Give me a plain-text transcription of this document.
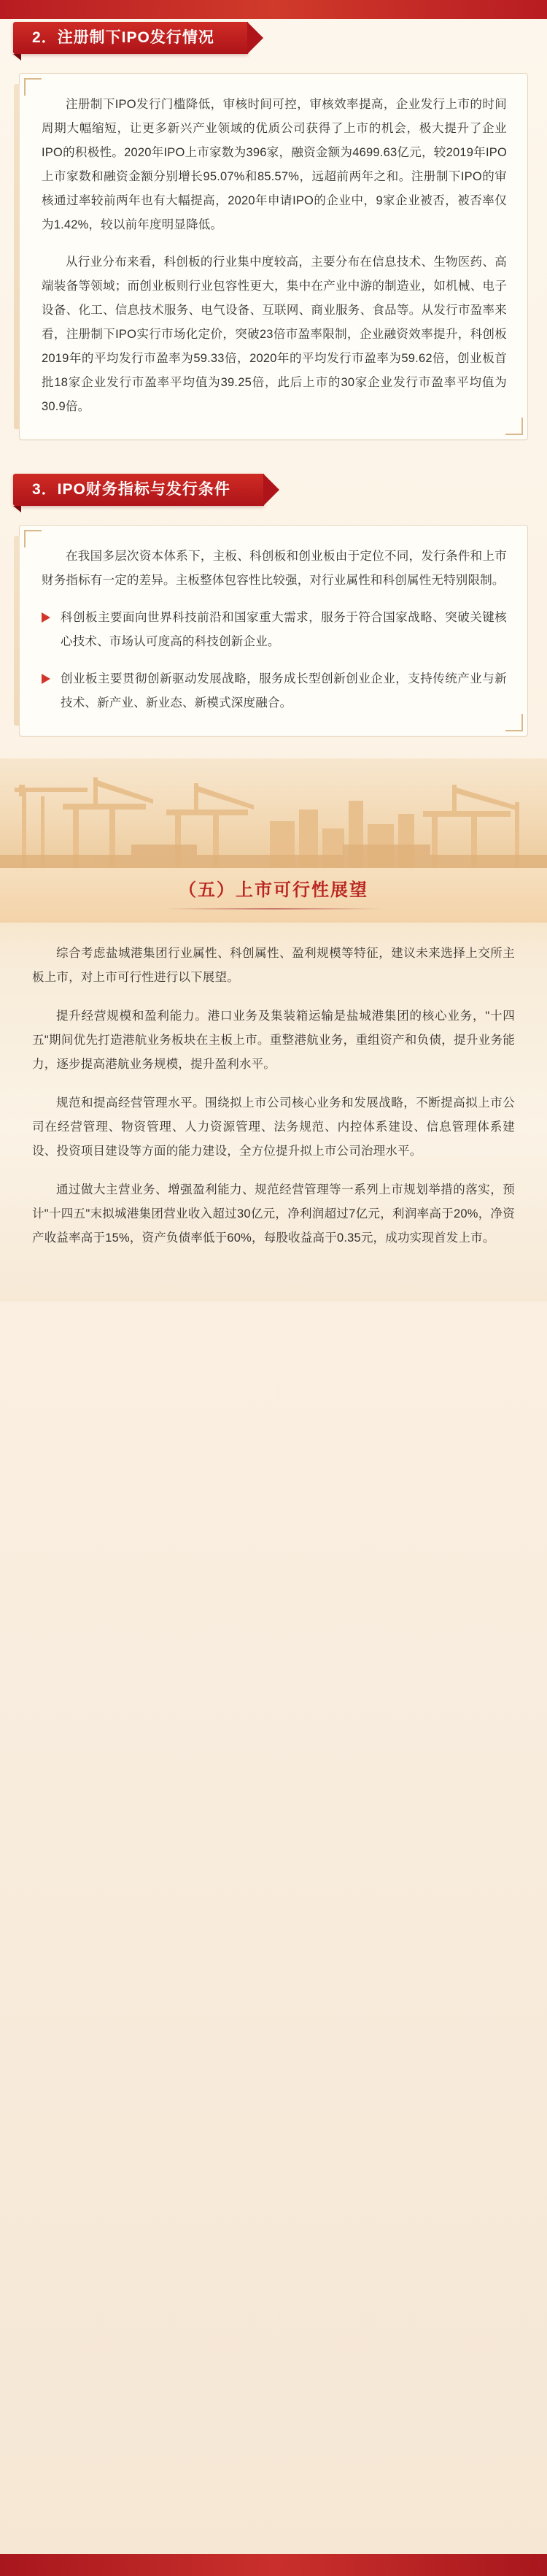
2．注册制下IPO发行情况

注册制下IPO发行门槛降低，审核时间可控，审核效率提高，企业发行上市的时间周期大幅缩短，让更多新兴产业领域的优质公司获得了上市的机会，极大提升了企业IPO的积极性。2020年IPO上市家数为396家，融资金额为4699.63亿元，较2019年IPO上市家数和融资金额分别增长95.07%和85.57%，远超前两年之和。注册制下IPO的审核通过率较前两年也有大幅提高，2020年申请IPO的企业中，9家企业被否，被否率仅为1.42%，较以前年度明显降低。

从行业分布来看，科创板的行业集中度较高，主要分布在信息技术、生物医药、高端装备等领域；而创业板则行业包容性更大，集中在产业中游的制造业，如机械、电子设备、化工、信息技术服务、电气设备、互联网、商业服务、食品等。从发行市盈率来看，注册制下IPO实行市场化定价，突破23倍市盈率限制，企业融资效率提升，科创板2019年的平均发行市盈率为59.33倍，2020年的平均发行市盈率为59.62倍，创业板首批18家企业发行市盈率平均值为39.25倍，此后上市的30家企业发行市盈率平均值为30.9倍。

3．IPO财务指标与发行条件

在我国多层次资本体系下，主板、科创板和创业板由于定位不同，发行条件和上市财务指标有一定的差异。主板整体包容性比较强，对行业属性和科创属性无特别限制。

科创板主要面向世界科技前沿和国家重大需求，服务于符合国家战略、突破关键核心技术、市场认可度高的科技创新企业。
创业板主要贯彻创新驱动发展战略，服务成长型创新创业企业，支持传统产业与新技术、新产业、新业态、新模式深度融合。
（五）上市可行性展望

综合考虑盐城港集团行业属性、科创属性、盈利规模等特征，建议未来选择上交所主板上市，对上市可行性进行以下展望。

提升经营规模和盈利能力。港口业务及集装箱运输是盐城港集团的核心业务，"十四五"期间优先打造港航业务板块在主板上市。重整港航业务，重组资产和负债，提升业务能力，逐步提高港航业务规模，提升盈利水平。

规范和提高经营管理水平。围绕拟上市公司核心业务和发展战略，不断提高拟上市公司在经营管理、物资管理、人力资源管理、法务规范、内控体系建设、信息管理体系建设、投资项目建设等方面的能力建设，全方位提升拟上市公司治理水平。

通过做大主营业务、增强盈利能力、规范经营管理等一系列上市规划举措的落实，预计"十四五"末拟城港集团营业收入超过30亿元，净利润超过7亿元，利润率高于20%，净资产收益率高于15%，资产负债率低于60%，每股收益高于0.35元，成功实现首发上市。
